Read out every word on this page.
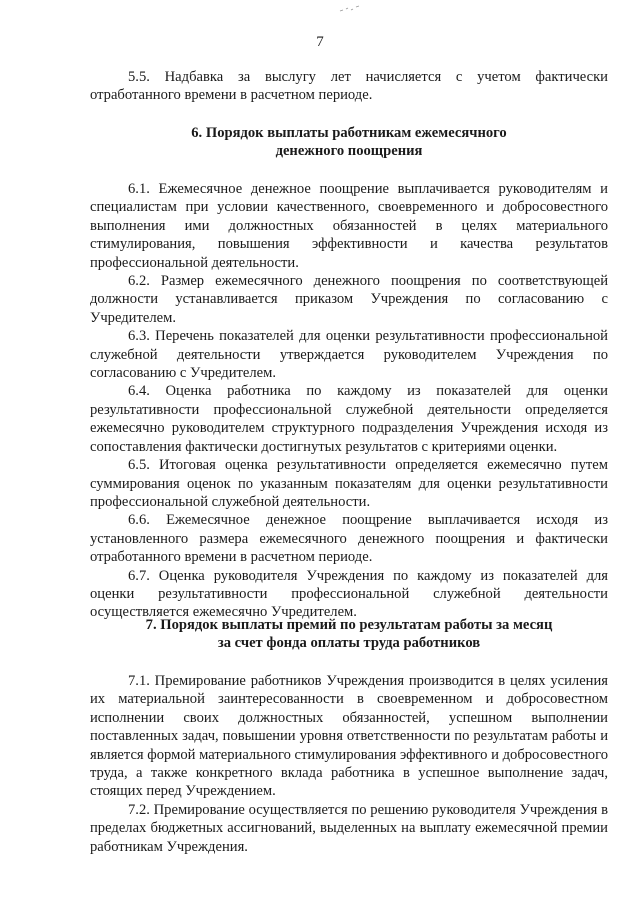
7

5.5. Надбавка за выслугу лет начисляется с учетом фактически отработанного времени в расчетном периоде.

6. Порядок выплаты работникам ежемесячного
денежного поощрения

6.1. Ежемесячное денежное поощрение выплачивается руководителям и специалистам при условии качественного, своевременного и добросовестного выполнения ими должностных обязанностей в целях материального стимулирования, повышения эффективности и качества результатов профессиональной деятельности.

6.2. Размер ежемесячного денежного поощрения по соответствующей должности устанавливается приказом Учреждения по согласованию с Учредителем.

6.3. Перечень показателей для оценки результативности профессиональной служебной деятельности утверждается руководителем Учреждения по согласованию с Учредителем.

6.4. Оценка работника по каждому из показателей для оценки результативности профессиональной служебной деятельности определяется ежемесячно руководителем структурного подразделения Учреждения исходя из сопоставления фактически достигнутых результатов с критериями оценки.

6.5. Итоговая оценка результативности определяется ежемесячно путем суммирования оценок по указанным показателям для оценки результативности профессиональной служебной деятельности.

6.6. Ежемесячное денежное поощрение выплачивается исходя из установленного размера ежемесячного денежного поощрения и фактически отработанного времени в расчетном периоде.

6.7. Оценка руководителя Учреждения по каждому из показателей для оценки результативности профессиональной служебной деятельности осуществляется ежемесячно Учредителем.

7. Порядок выплаты премий по результатам работы за месяц
за счет фонда оплаты труда работников

7.1. Премирование работников Учреждения производится в целях усиления их материальной заинтересованности в своевременном и добросовестном исполнении своих должностных обязанностей, успешном выполнении поставленных задач, повышении уровня ответственности по результатам работы и является формой материального стимулирования эффективного и добросовестного труда, а также конкретного вклада работника в успешное выполнение задач, стоящих перед Учреждением.

7.2. Премирование осуществляется по решению руководителя Учреждения в пределах бюджетных ассигнований, выделенных на выплату ежемесячной премии работникам Учреждения.
